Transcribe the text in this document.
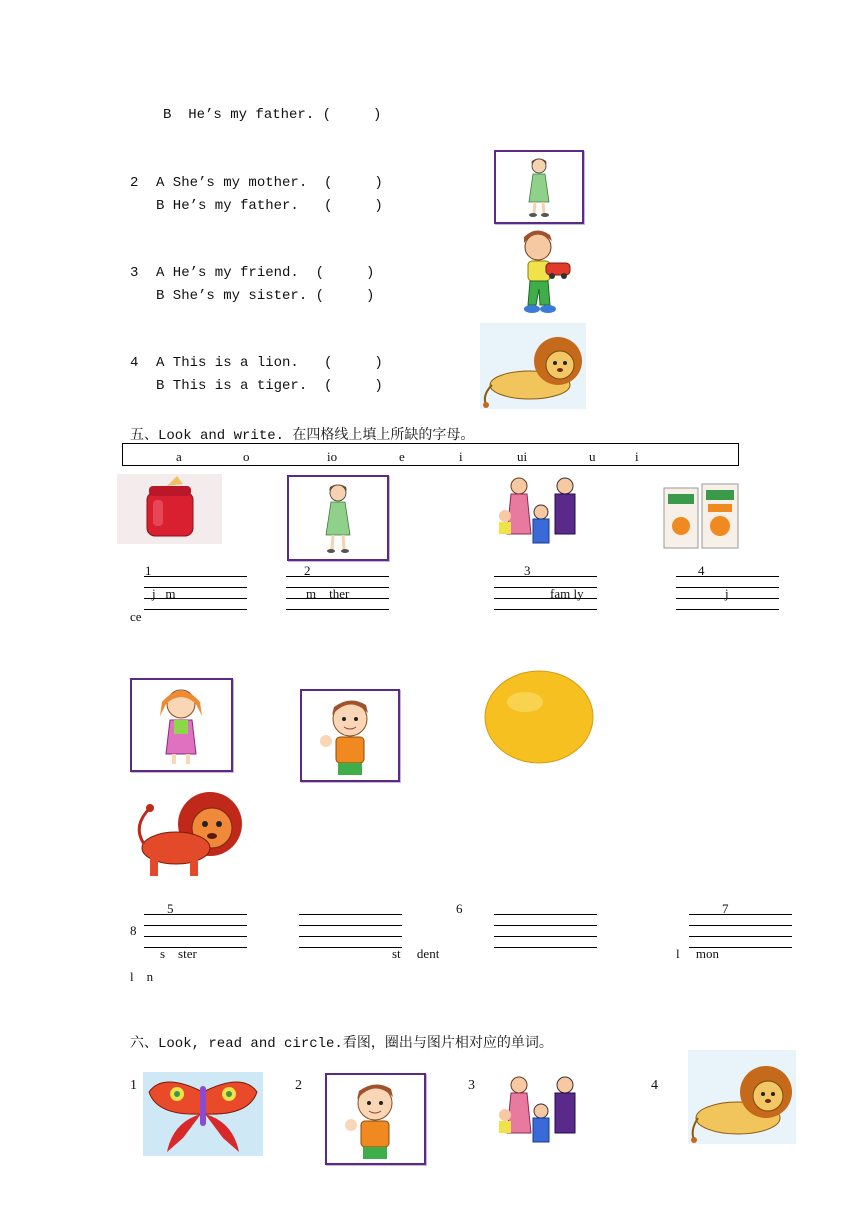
B  He’s my father. (     )
2 A She’s my mother.  (     )
B He’s my father.   (     )
3 A He’s my friend.  (     )
B She’s my sister. (     )
4 A This is a lion.   (     )
B This is a tiger.  (     )
五、Look and write. 在四格线上填上所缺的字母。
a	o	io	e	i	ui	u	i
1
j   m
ce
2
m    ther
3
fam ly
4
j
5
8
s    ster
l    n
st     dent
6	7
l     mon
六、Look, read and circle.看图，圈出与图片相对应的单词。
1	2	3	4
